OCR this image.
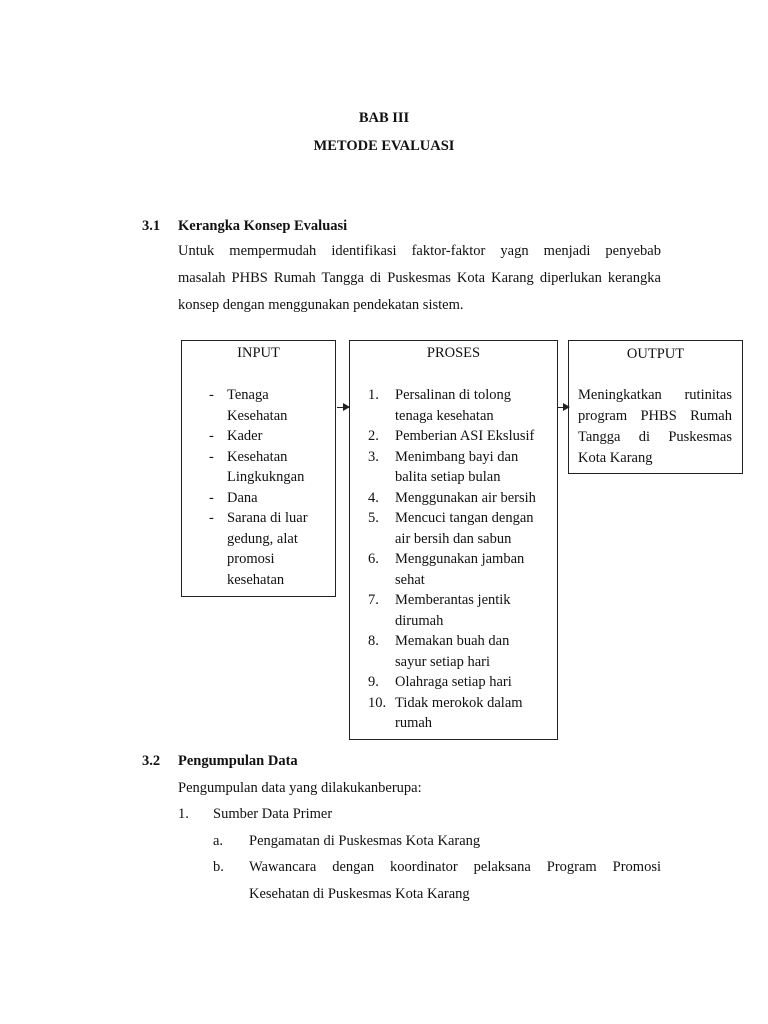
BAB III
METODE EVALUASI
3.1 Kerangka Konsep Evaluasi
Untuk mempermudah identifikasi faktor-faktor yagn menjadi penyebab
masalah PHBS Rumah Tangga di Puskesmas Kota Karang diperlukan kerangka
konsep dengan menggunakan pendekatan sistem.
INPUT
- Tenaga
Kesehatan
- Kader
- Kesehatan
Lingkukngan
- Dana
- Sarana di luar
gedung, alat
promosi
kesehatan
PROSES
1. Persalinan di tolong
tenaga kesehatan
2. Pemberian ASI Ekslusif
3. Menimbang bayi dan
balita setiap bulan
4. Menggunakan air bersih
5. Mencuci tangan dengan
air bersih dan sabun
6. Menggunakan jamban
sehat
7. Memberantas jentik
dirumah
8. Memakan buah dan
sayur setiap hari
9. Olahraga setiap hari
10. Tidak merokok dalam
rumah
OUTPUT
Meningkatkan rutinitas
program PHBS Rumah
Tangga di Puskesmas
Kota Karang
3.2 Pengumpulan Data
Pengumpulan data yang dilakukanberupa:
1. Sumber Data Primer
a. Pengamatan di Puskesmas Kota Karang
b. Wawancara dengan koordinator pelaksana Program Promosi
Kesehatan di Puskesmas Kota Karang
